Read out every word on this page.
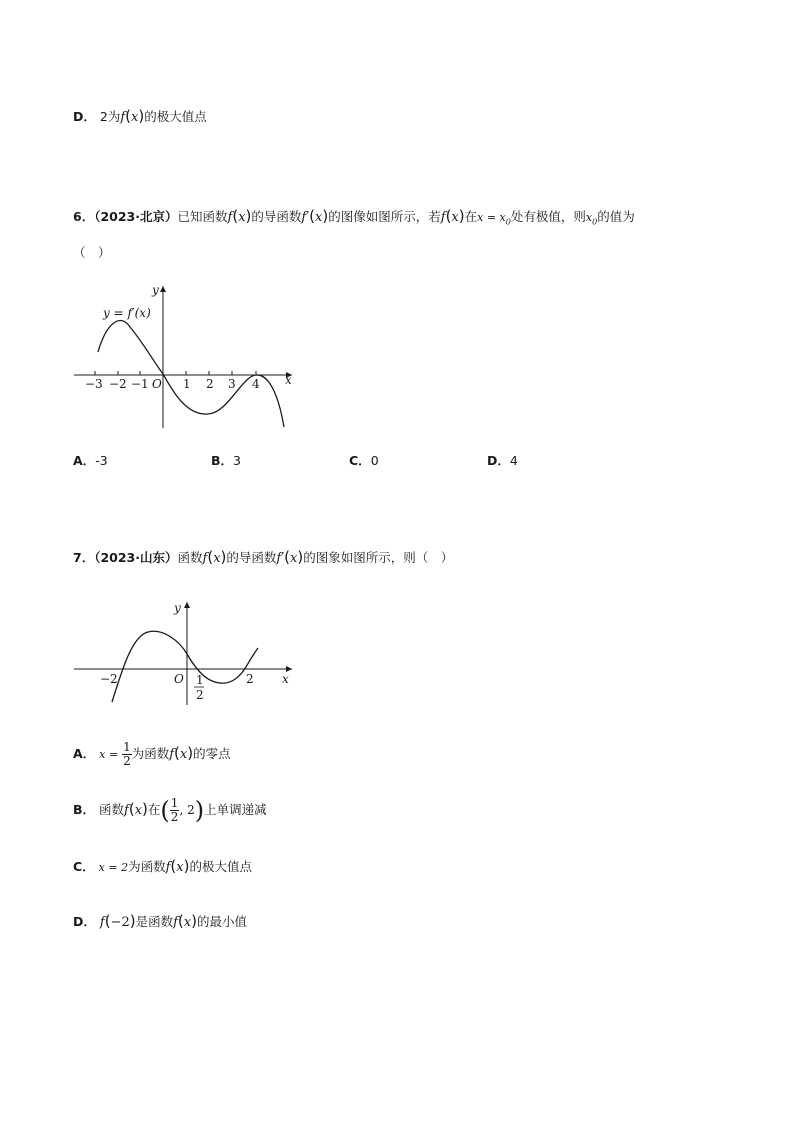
D． 2为f(x)的极大值点
6．（2023·北京）已知函数f(x)的导函数f′(x)的图像如图所示，若f(x)在$x = x_0$处有极值，则$x_0$的值为
（　）
y
x
y = f′(x)
O
−3 −2 −1	1 2 3 4
A．-3	B．3	C．0	D．4
7．（2023·山东）函数f(x)的导函数f′(x)的图象如图所示，则（　）
y
x
O
−2	2
1
2
A． $x = \frac{1}{2}$ 为函数f(x)的零点
B． 函数f(x)在( $\frac{1}{2}$ , 2)上单调递减
C． x = 2为函数f(x)的极大值点
D． f(−2)是函数f(x)的最小值
